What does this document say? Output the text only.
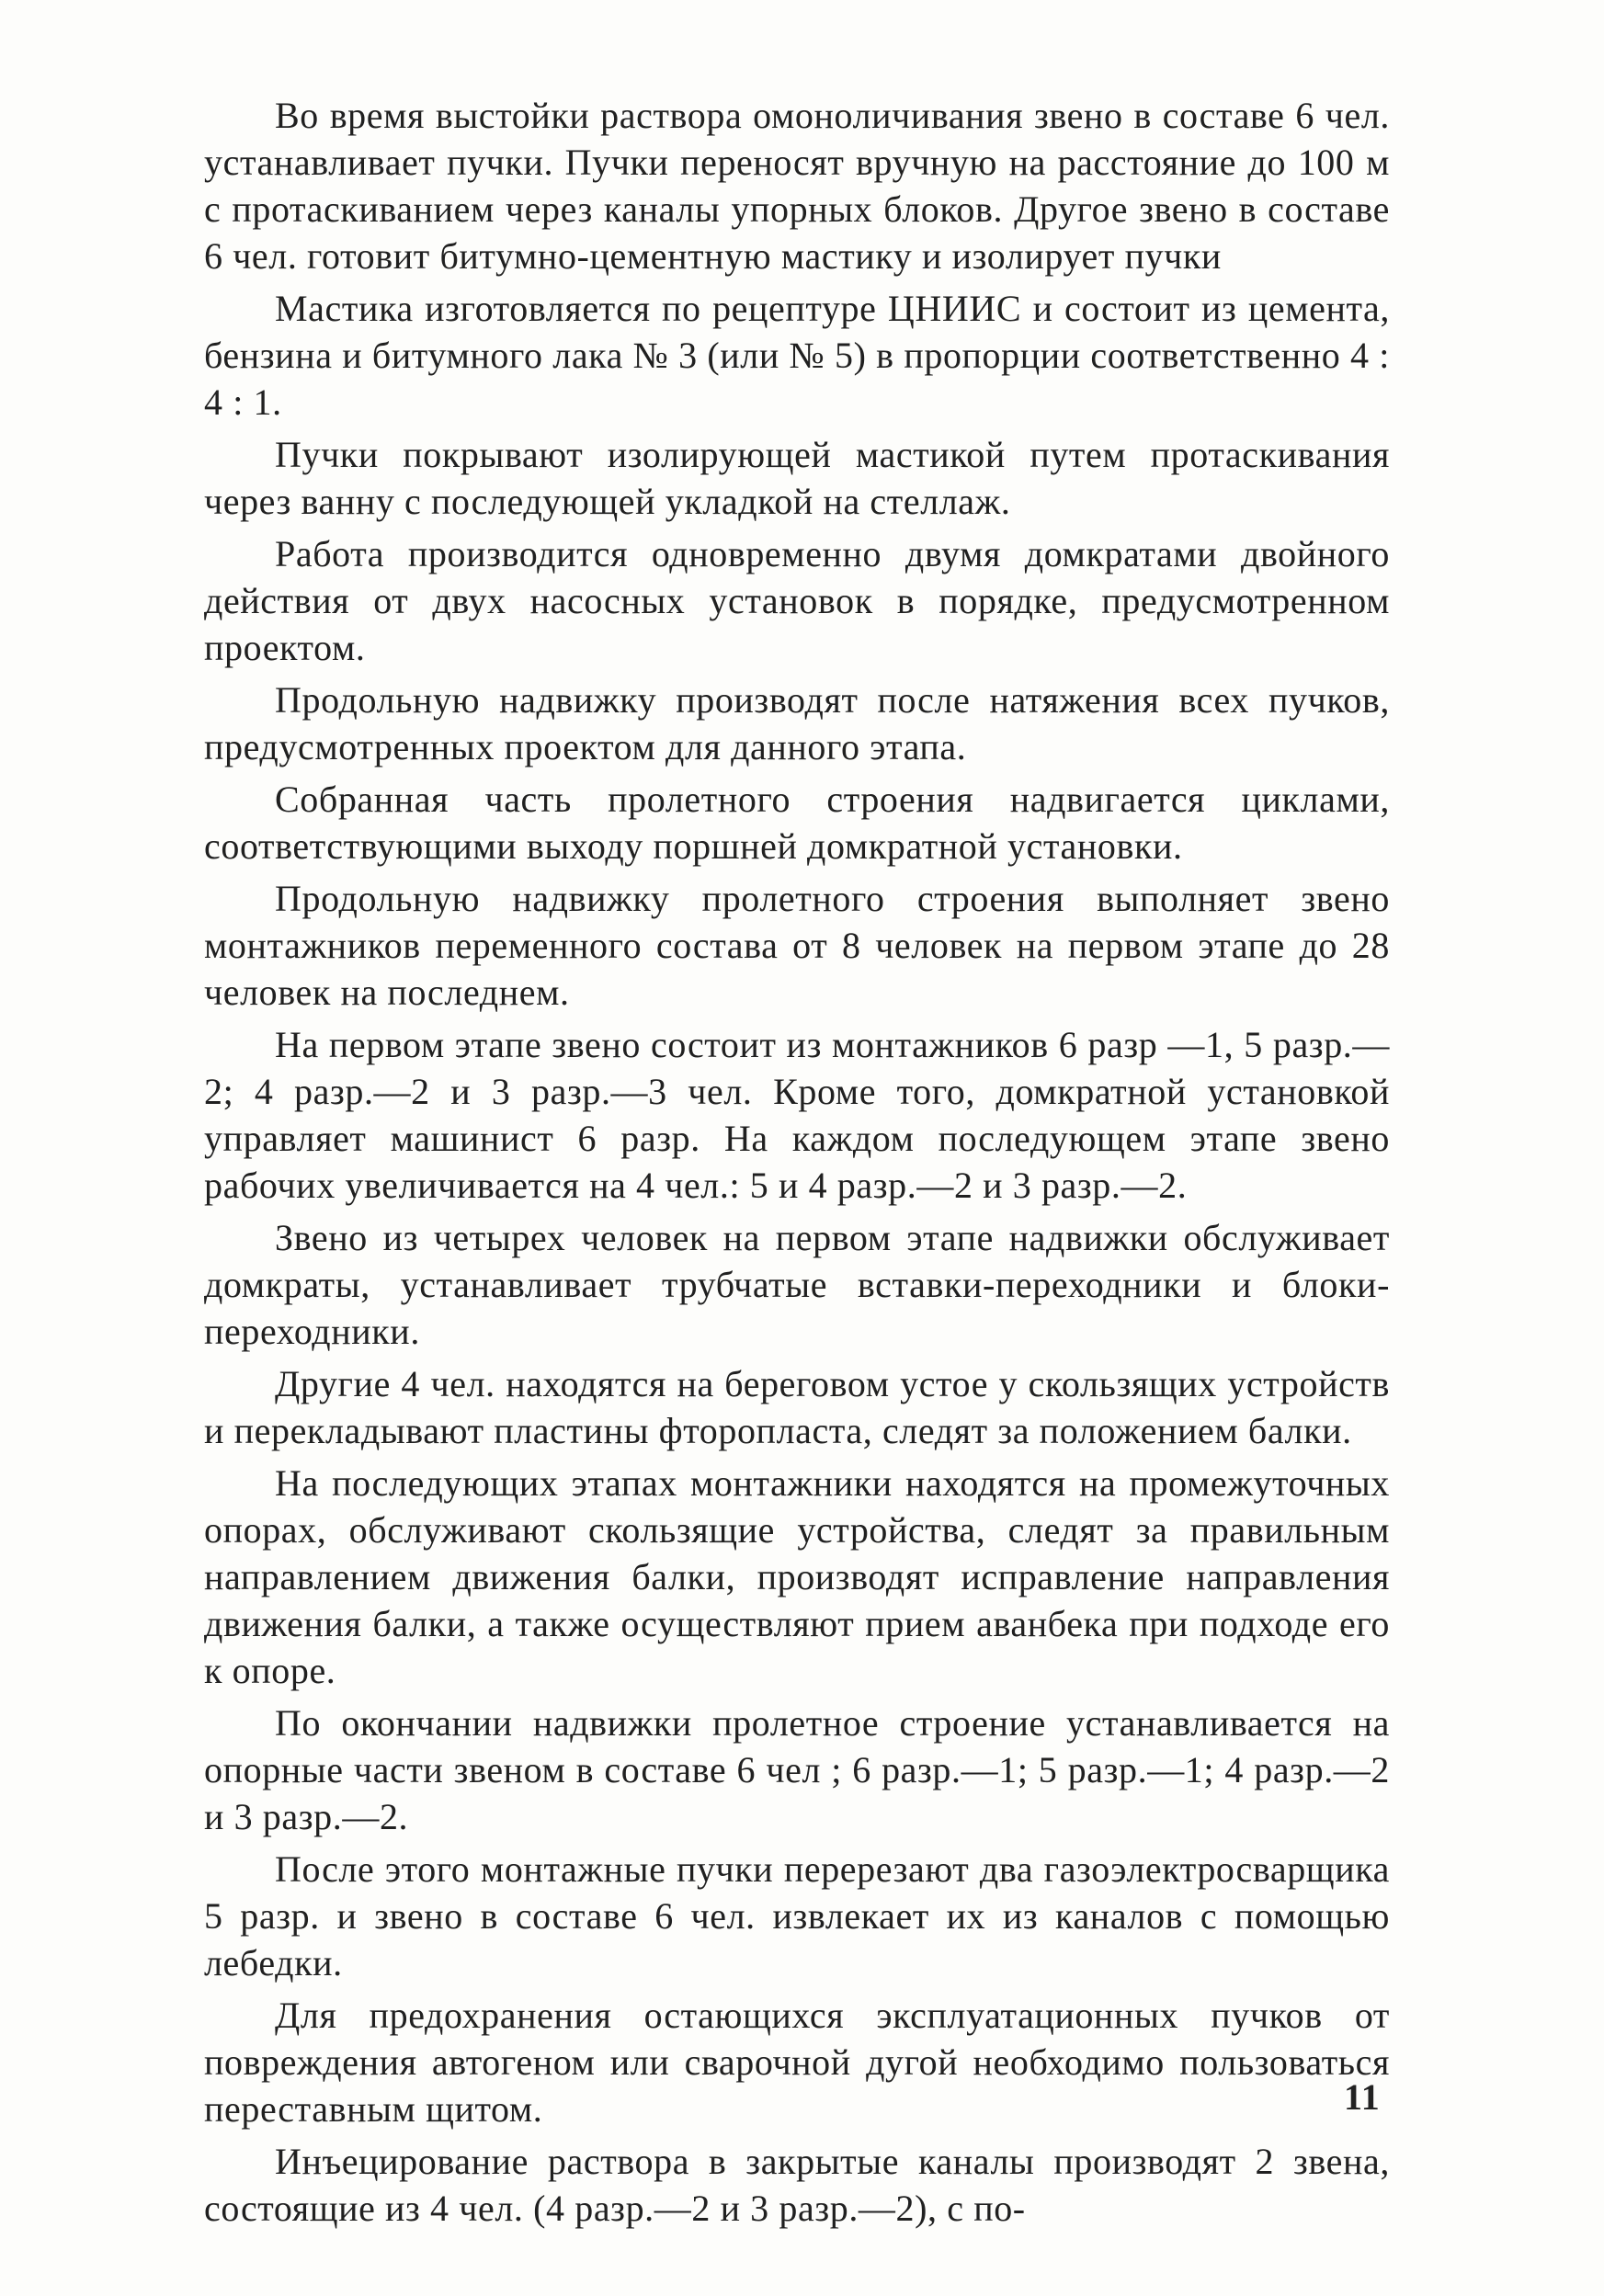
Во время выстойки раствора омоноличивания звено в составе 6 чел. устанавливает пучки. Пучки переносят вручную на расстояние до 100 м с протаскиванием через каналы упорных блоков. Другое звено в составе 6 чел. готовит битумно-цементную мастику и изолирует пучки

Мастика изготовляется по рецептуре ЦНИИС и состоит из цемента, бензина и битумного лака № 3 (или № 5) в пропорции соответственно 4 : 4 : 1.

Пучки покрывают изолирующей мастикой путем протаскивания через ванну с последующей укладкой на стеллаж.

Работа производится одновременно двумя домкратами двойного действия от двух насосных установок в порядке, предусмотренном проектом.

Продольную надвижку производят после натяжения всех пучков, предусмотренных проектом для данного этапа.

Собранная часть пролетного строения надвигается циклами, соответствующими выходу поршней домкратной установки.

Продольную надвижку пролетного строения выполняет звено монтажников переменного состава от 8 человек на первом этапе до 28 человек на последнем.

На первом этапе звено состоит из монтажников 6 разр —1, 5 разр.—2; 4 разр.—2 и 3 разр.—3 чел. Кроме того, домкратной установкой управляет машинист 6 разр. На каждом последующем этапе звено рабочих увеличивается на 4 чел.: 5 и 4 разр.—2 и 3 разр.—2.

Звено из четырех человек на первом этапе надвижки обслуживает домкраты, устанавливает трубчатые вставки-переходники и блоки-переходники.

Другие 4 чел. находятся на береговом устое у скользящих устройств и перекладывают пластины фторопласта, следят за положением балки.

На последующих этапах монтажники находятся на промежуточных опорах, обслуживают скользящие устройства, следят за правильным направлением движения балки, производят исправление направления движения балки, а также осуществляют прием аванбека при подходе его к опоре.

По окончании надвижки пролетное строение устанавливается на опорные части звеном в составе 6 чел ; 6 разр.—1; 5 разр.—1; 4 разр.—2 и 3 разр.—2.

После этого монтажные пучки перерезают два газоэлектросварщика 5 разр. и звено в составе 6 чел. извлекает их из каналов с помощью лебедки.

Для предохранения остающихся эксплуатационных пучков от повреждения автогеном или сварочной дугой необходимо пользоваться переставным щитом.

Инъецирование раствора в закрытые каналы производят 2 звена, состоящие из 4 чел. (4 разр.—2 и 3 разр.—2), с по-

11
